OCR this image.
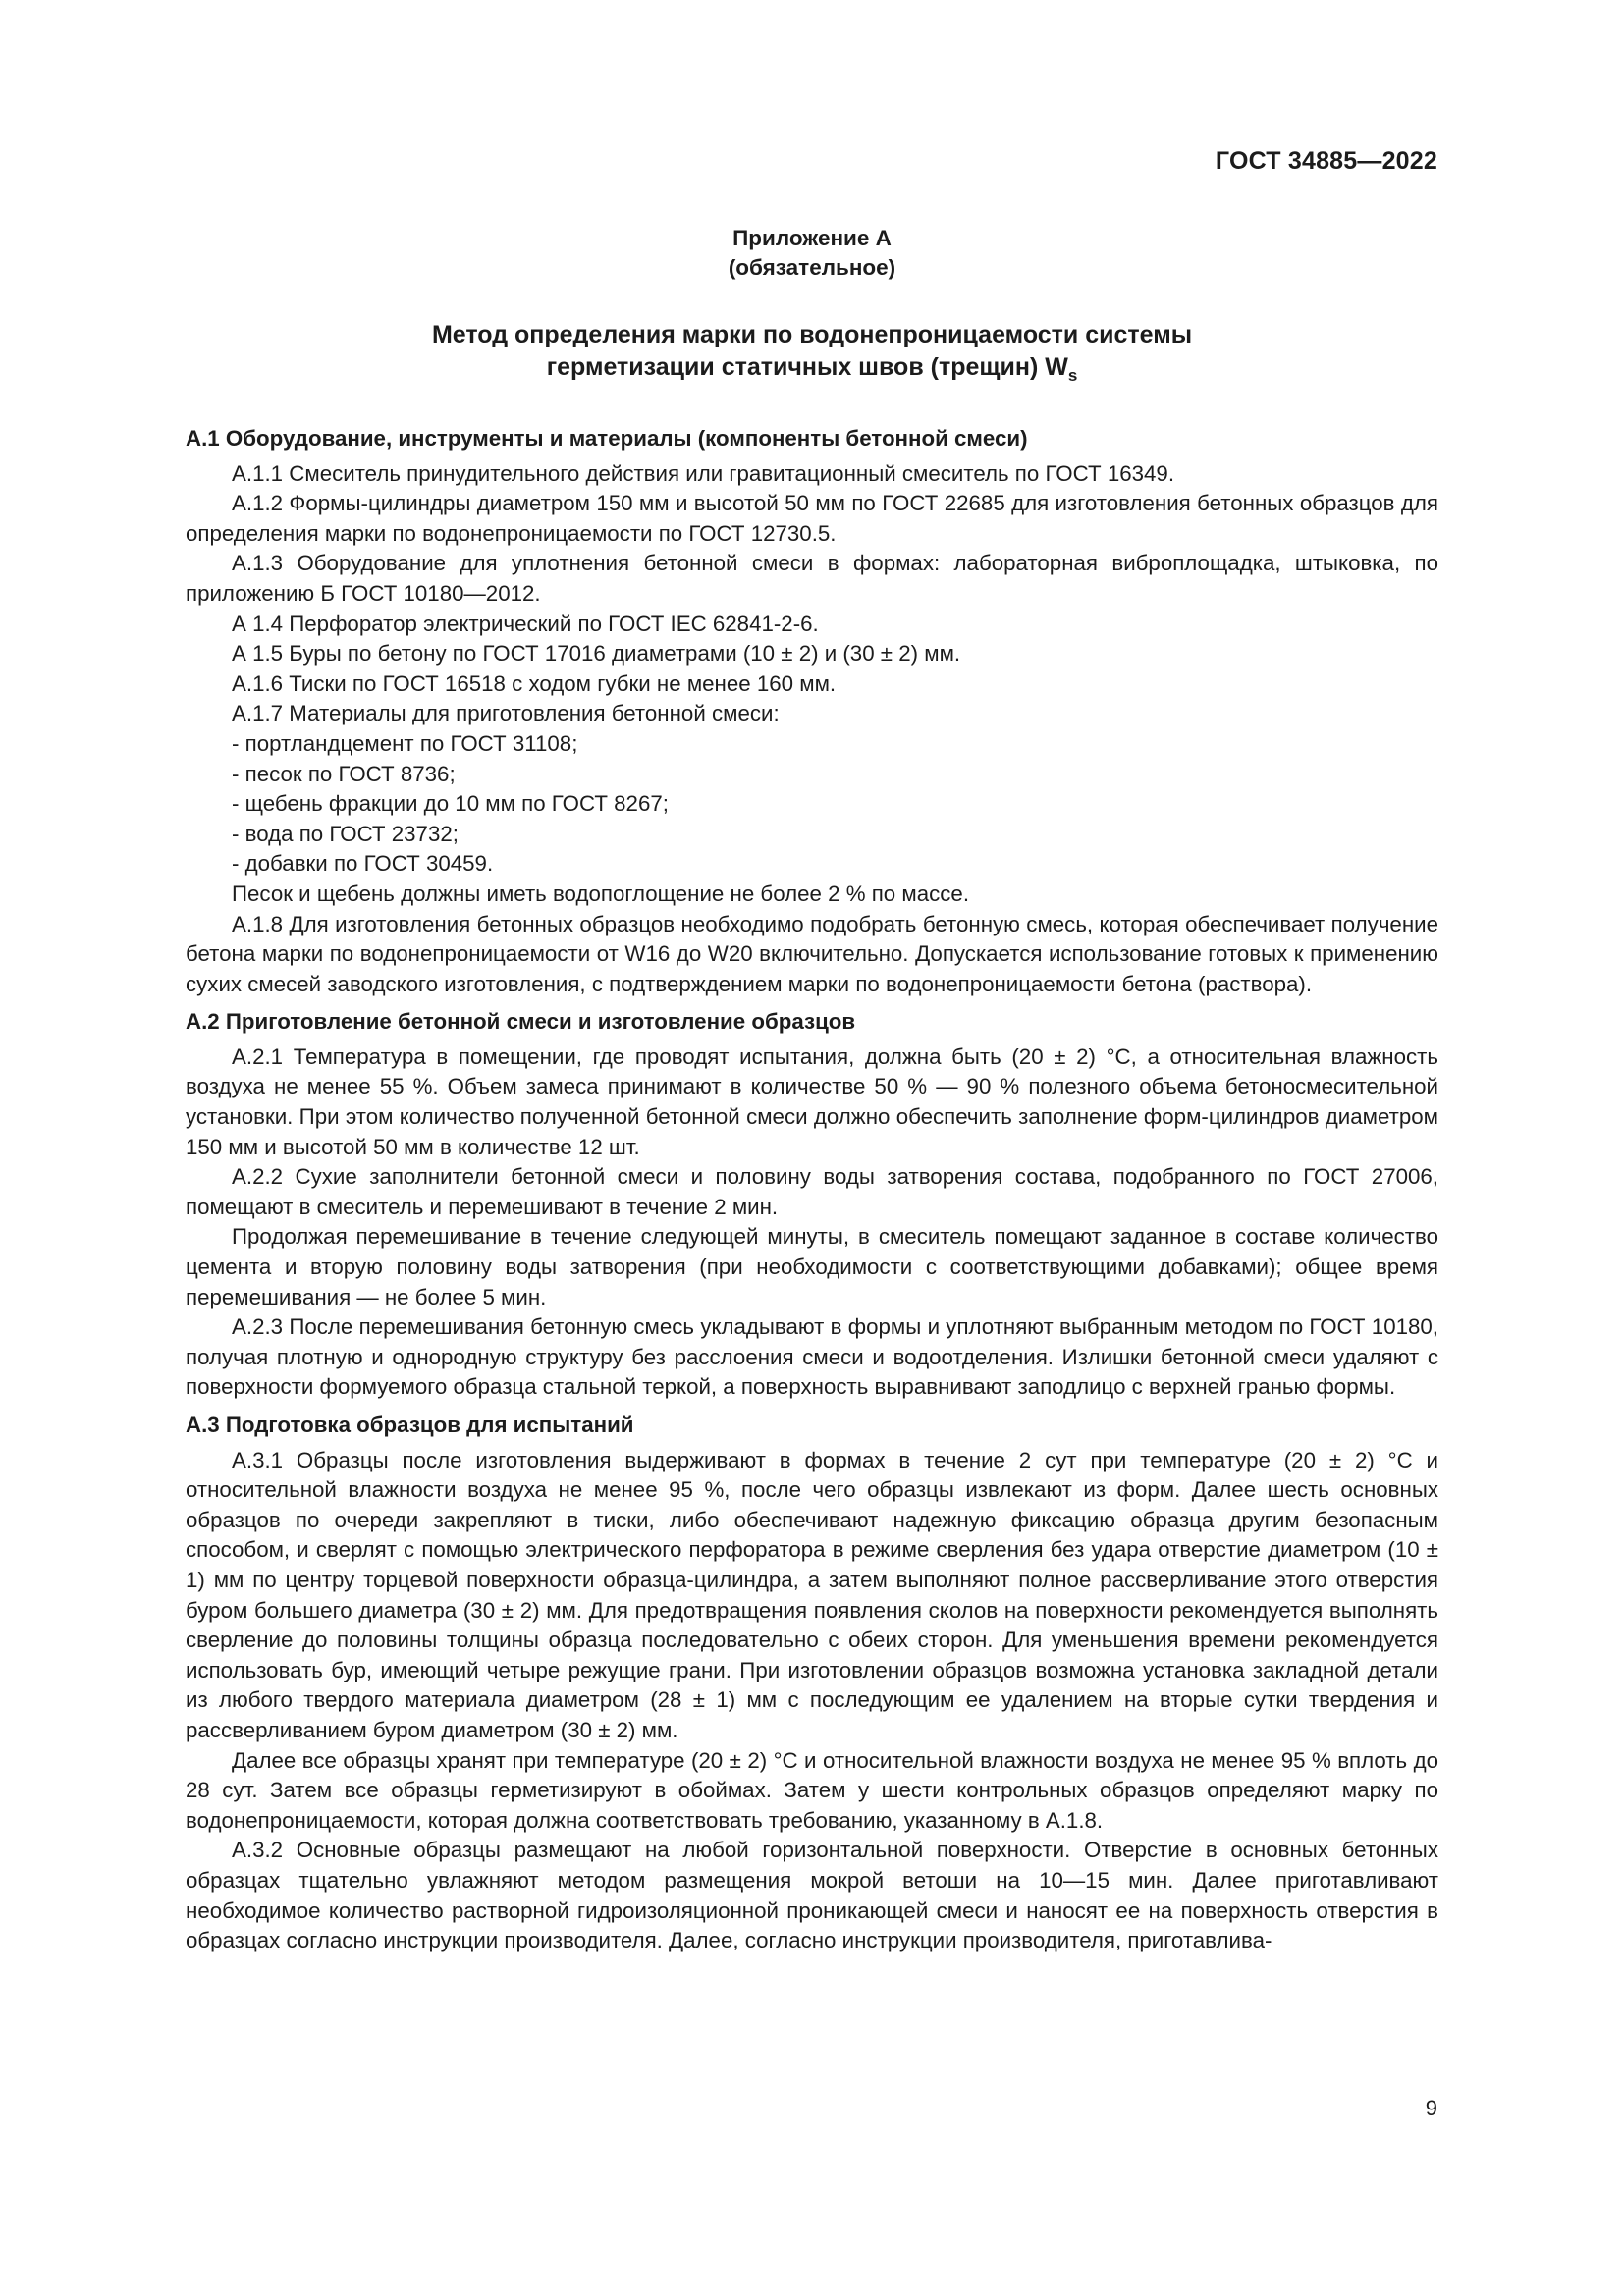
ГОСТ 34885—2022
Приложение А
(обязательное)
Метод определения марки по водонепроницаемости системы
герметизации статичных швов (трещин) $W_s$
А.1 Оборудование, инструменты и материалы (компоненты бетонной смеси)

А.1.1 Смеситель принудительного действия или гравитационный смеситель по ГОСТ 16349.

А.1.2 Формы-цилиндры диаметром 150 мм и высотой 50 мм по ГОСТ 22685 для изготовления бетонных образцов для определения марки по водонепроницаемости по ГОСТ 12730.5.

А.1.3 Оборудование для уплотнения бетонной смеси в формах: лабораторная виброплощадка, штыковка, по приложению Б ГОСТ 10180—2012.

А 1.4 Перфоратор электрический по ГОСТ IEC 62841-2-6.

А 1.5 Буры по бетону по ГОСТ 17016 диаметрами (10 ± 2) и (30 ± 2) мм.

А.1.6 Тиски по ГОСТ 16518 с ходом губки не менее 160 мм.

А.1.7 Материалы для приготовления бетонной смеси:

- портландцемент по ГОСТ 31108;

- песок по ГОСТ 8736;

- щебень фракции до 10 мм по ГОСТ 8267;

- вода по ГОСТ 23732;

- добавки по ГОСТ 30459.

Песок и щебень должны иметь водопоглощение не более 2 % по массе.

А.1.8 Для изготовления бетонных образцов необходимо подобрать бетонную смесь, которая обеспечивает получение бетона марки по водонепроницаемости от W16 до W20 включительно. Допускается использование готовых к применению сухих смесей заводского изготовления, с подтверждением марки по водонепроницаемости бетона (раствора).

А.2 Приготовление бетонной смеси и изготовление образцов

А.2.1 Температура в помещении, где проводят испытания, должна быть (20 ± 2) °С, а относительная влажность воздуха не менее 55 %. Объем замеса принимают в количестве 50 % — 90 % полезного объема бетоносмесительной установки. При этом количество полученной бетонной смеси должно обеспечить заполнение форм-цилиндров диаметром 150 мм и высотой 50 мм в количестве 12 шт.

А.2.2 Сухие заполнители бетонной смеси и половину воды затворения состава, подобранного по ГОСТ 27006, помещают в смеситель и перемешивают в течение 2 мин.

Продолжая перемешивание в течение следующей минуты, в смеситель помещают заданное в составе количество цемента и вторую половину воды затворения (при необходимости с соответствующими добавками); общее время перемешивания — не более 5 мин.

А.2.3 После перемешивания бетонную смесь укладывают в формы и уплотняют выбранным методом по ГОСТ 10180, получая плотную и однородную структуру без расслоения смеси и водоотделения. Излишки бетонной смеси удаляют с поверхности формуемого образца стальной теркой, а поверхность выравнивают заподлицо с верхней гранью формы.

А.3 Подготовка образцов для испытаний

А.3.1 Образцы после изготовления выдерживают в формах в течение 2 сут при температуре (20 ± 2) °С и относительной влажности воздуха не менее 95 %, после чего образцы извлекают из форм. Далее шесть основных образцов по очереди закрепляют в тиски, либо обеспечивают надежную фиксацию образца другим безопасным способом, и сверлят с помощью электрического перфоратора в режиме сверления без удара отверстие диаметром (10 ± 1) мм по центру торцевой поверхности образца-цилиндра, а затем выполняют полное рассверливание этого отверстия буром большего диаметра (30 ± 2) мм. Для предотвращения появления сколов на поверхности рекомендуется выполнять сверление до половины толщины образца последовательно с обеих сторон. Для уменьшения времени рекомендуется использовать бур, имеющий четыре режущие грани. При изготовлении образцов возможна установка закладной детали из любого твердого материала диаметром (28 ± 1) мм с последующим ее удалением на вторые сутки твердения и рассверливанием буром диаметром (30 ± 2) мм.

Далее все образцы хранят при температуре (20 ± 2) °С и относительной влажности воздуха не менее 95 % вплоть до 28 сут. Затем все образцы герметизируют в обоймах. Затем у шести контрольных образцов определяют марку по водонепроницаемости, которая должна соответствовать требованию, указанному в А.1.8.

А.3.2 Основные образцы размещают на любой горизонтальной поверхности. Отверстие в основных бетонных образцах тщательно увлажняют методом размещения мокрой ветоши на 10—15 мин. Далее приготавливают необходимое количество растворной гидроизоляционной проникающей смеси и наносят ее на поверхность отверстия в образцах согласно инструкции производителя. Далее, согласно инструкции производителя, приготавлива-

9
